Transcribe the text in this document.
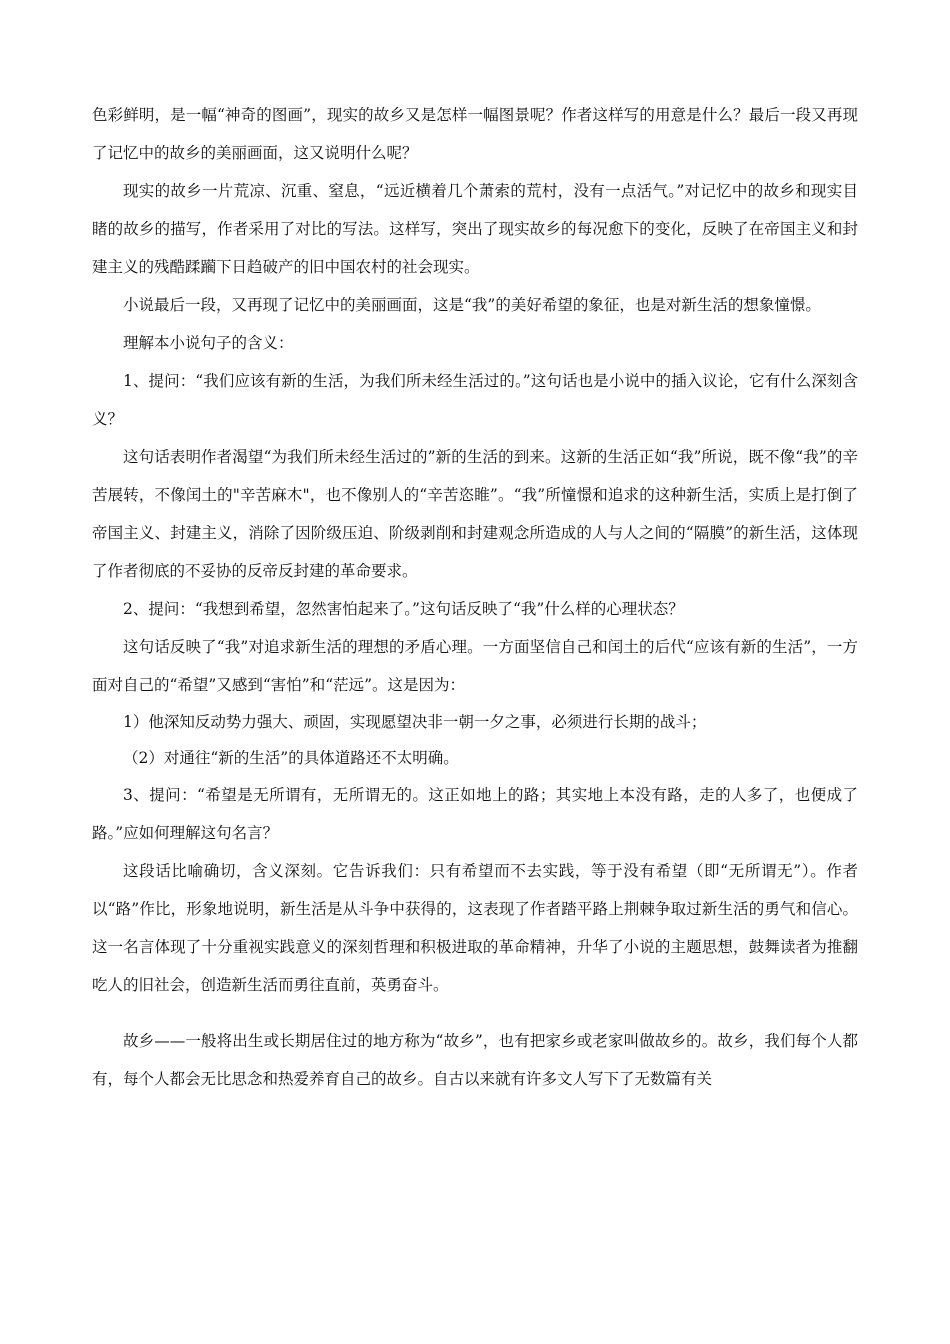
色彩鲜明，是一幅“神奇的图画”，现实的故乡又是怎样一幅图景呢？作者这样写的用意是什么？最后一段又再现了记忆中的故乡的美丽画面，这又说明什么呢？

现实的故乡一片荒凉、沉重、窒息，“远近横着几个萧索的荒村，没有一点活气。”对记忆中的故乡和现实目睹的故乡的描写，作者采用了对比的写法。这样写，突出了现实故乡的每况愈下的变化，反映了在帝国主义和封建主义的残酷蹂躏下日趋破产的旧中国农村的社会现实。

小说最后一段，又再现了记忆中的美丽画面，这是“我”的美好希望的象征，也是对新生活的想象憧憬。

理解本小说句子的含义：

1、提问：“我们应该有新的生活，为我们所未经生活过的。”这句话也是小说中的插入议论，它有什么深刻含义？

这句话表明作者渴望“为我们所未经生活过的”新的生活的到来。这新的生活正如“我”所说，既不像“我”的辛苦展转，不像闰土的"辛苦麻木"，也不像别人的“辛苦恣睢”。“我”所憧憬和追求的这种新生活，实质上是打倒了帝国主义、封建主义，消除了因阶级压迫、阶级剥削和封建观念所造成的人与人之间的“隔膜”的新生活，这体现了作者彻底的不妥协的反帝反封建的革命要求。

2、提问：“我想到希望，忽然害怕起来了。”这句话反映了“我”什么样的心理状态？

这句话反映了“我”对追求新生活的理想的矛盾心理。一方面坚信自己和闰土的后代“应该有新的生活”，一方面对自己的“希望”又感到“害怕”和“茫远”。这是因为：

1）他深知反动势力强大、顽固，实现愿望决非一朝一夕之事，必须进行长期的战斗；

（2）对通往“新的生活”的具体道路还不太明确。

3、提问：“希望是无所谓有，无所谓无的。这正如地上的路；其实地上本没有路，走的人多了，也便成了路。”应如何理解这句名言？

这段话比喻确切，含义深刻。它告诉我们：只有希望而不去实践，等于没有希望（即“无所谓无”）。作者以“路”作比，形象地说明，新生活是从斗争中获得的，这表现了作者踏平路上荆棘争取过新生活的勇气和信心。这一名言体现了十分重视实践意义的深刻哲理和积极进取的革命精神，升华了小说的主题思想，鼓舞读者为推翻吃人的旧社会，创造新生活而勇往直前，英勇奋斗。

故乡——一般将出生或长期居住过的地方称为“故乡”，也有把家乡或老家叫做故乡的。故乡，我们每个人都有，每个人都会无比思念和热爱养育自己的故乡。自古以来就有许多文人写下了无数篇有关
